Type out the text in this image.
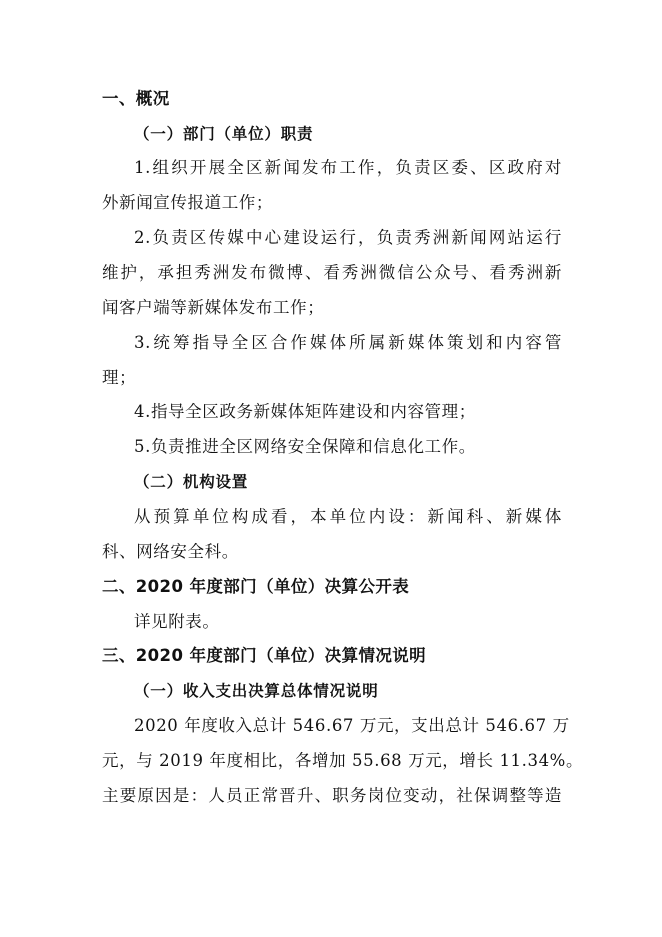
一、概况
（一）部门（单位）职责
1.组织开展全区新闻发布工作，负责区委、区政府对
外新闻宣传报道工作；
2.负责区传媒中心建设运行，负责秀洲新闻网站运行
维护，承担秀洲发布微博、看秀洲微信公众号、看秀洲新
闻客户端等新媒体发布工作；
3.统筹指导全区合作媒体所属新媒体策划和内容管
理；
4.指导全区政务新媒体矩阵建设和内容管理；
5.负责推进全区网络安全保障和信息化工作。
（二）机构设置
从预算单位构成看，本单位内设：新闻科、新媒体
科、网络安全科。
二、2020 年度部门（单位）决算公开表
详见附表。
三、2020 年度部门（单位）决算情况说明
（一）收入支出决算总体情况说明
2020 年度收入总计 546.67 万元，支出总计 546.67 万
元，与 2019 年度相比，各增加 55.68 万元，增长 11.34%。
主要原因是：人员正常晋升、职务岗位变动，社保调整等造
